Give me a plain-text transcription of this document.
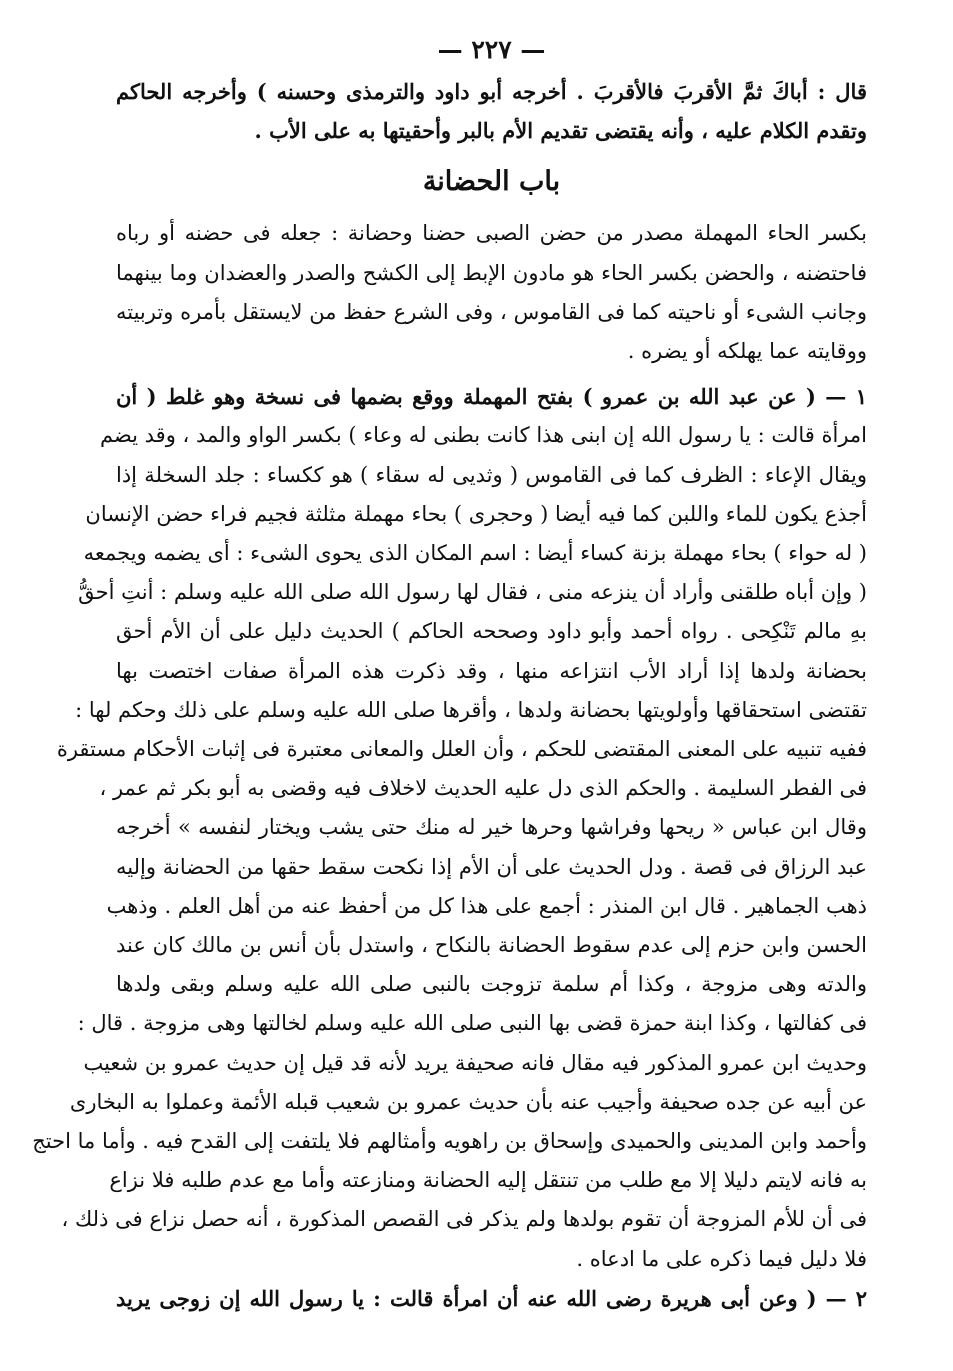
— ٢٢٧ —
قال : أباكَ ثمَّ الأقربَ فالأقربَ . أخرجه أبو داود والترمذى وحسنه ) وأخرجه الحاكم
وتقدم الكلام عليه ، وأنه يقتضى تقديم الأم بالبر وأحقيتها به على الأب .
باب الحضانة
بكسر الحاء المهملة مصدر من حضن الصبى حضنا وحضانة : جعله فى حضنه أو رباه
فاحتضنه ، والحضن بكسر الحاء هو مادون الإبط إلى الكشح والصدر والعضدان وما بينهما
وجانب الشىء أو ناحيته كما فى القاموس ، وفى الشرع حفظ من لايستقل بأمره وتربيته
ووقايته عما يهلكه أو يضره .
١ — ( عن عبد الله بن عمرو ) بفتح المهملة ووقع بضمها فى نسخة وهو غلط ( أن
امرأة قالت : يا رسول الله إن ابنى هذا كانت بطنى له وعاء ) بكسر الواو والمد ، وقد يضم
ويقال الإعاء : الظرف كما فى القاموس ( وثديى له سقاء ) هو ككساء : جلد السخلة إذا
أجذع يكون للماء واللبن كما فيه أيضا ( وحجرى ) بحاء مهملة مثلثة فجيم فراء حضن الإنسان
( له حواء ) بحاء مهملة بزنة كساء أيضا : اسم المكان الذى يحوى الشىء : أى يضمه ويجمعه
( وإن أباه طلقنى وأراد أن ينزعه منى ، فقال لها رسول الله صلى الله عليه وسلم : أنتِ أحقُّ
بهِ مالم تَنْكِحى . رواه أحمد وأبو داود وصححه الحاكم ) الحديث دليل على أن الأم أحق
بحضانة ولدها إذا أراد الأب انتزاعه منها ، وقد ذكرت هذه المرأة صفات اختصت بها
تقتضى استحقاقها وأولويتها بحضانة ولدها ، وأقرها صلى الله عليه وسلم على ذلك وحكم لها :
ففيه تنبيه على المعنى المقتضى للحكم ، وأن العلل والمعانى معتبرة فى إثبات الأحكام مستقرة
فى الفطر السليمة . والحكم الذى دل عليه الحديث لاخلاف فيه وقضى به أبو بكر ثم عمر ،
وقال ابن عباس « ريحها وفراشها وحرها خير له منك حتى يشب ويختار لنفسه » أخرجه
عبد الرزاق فى قصة . ودل الحديث على أن الأم إذا نكحت سقط حقها من الحضانة وإليه
ذهب الجماهير . قال ابن المنذر : أجمع على هذا كل من أحفظ عنه من أهل العلم . وذهب
الحسن وابن حزم إلى عدم سقوط الحضانة بالنكاح ، واستدل بأن أنس بن مالك كان عند
والدته وهى مزوجة ، وكذا أم سلمة تزوجت بالنبى صلى الله عليه وسلم وبقى ولدها
فى كفالتها ، وكذا ابنة حمزة قضى بها النبى صلى الله عليه وسلم لخالتها وهى مزوجة . قال :
وحديث ابن عمرو المذكور فيه مقال فانه صحيفة يريد لأنه قد قيل إن حديث عمرو بن شعيب
عن أبيه عن جده صحيفة وأجيب عنه بأن حديث عمرو بن شعيب قبله الأئمة وعملوا به البخارى
وأحمد وابن المدينى والحميدى وإسحاق بن راهويه وأمثالهم فلا يلتفت إلى القدح فيه . وأما ما احتج
به فانه لايتم دليلا إلا مع طلب من تنتقل إليه الحضانة ومنازعته وأما مع عدم طلبه فلا نزاع
فى أن للأم المزوجة أن تقوم بولدها ولم يذكر فى القصص المذكورة ، أنه حصل نزاع فى ذلك ،
فلا دليل فيما ذكره على ما ادعاه .
٢ — ( وعن أبى هريرة رضى الله عنه أن امرأة قالت : يا رسول الله إن زوجى يريد
